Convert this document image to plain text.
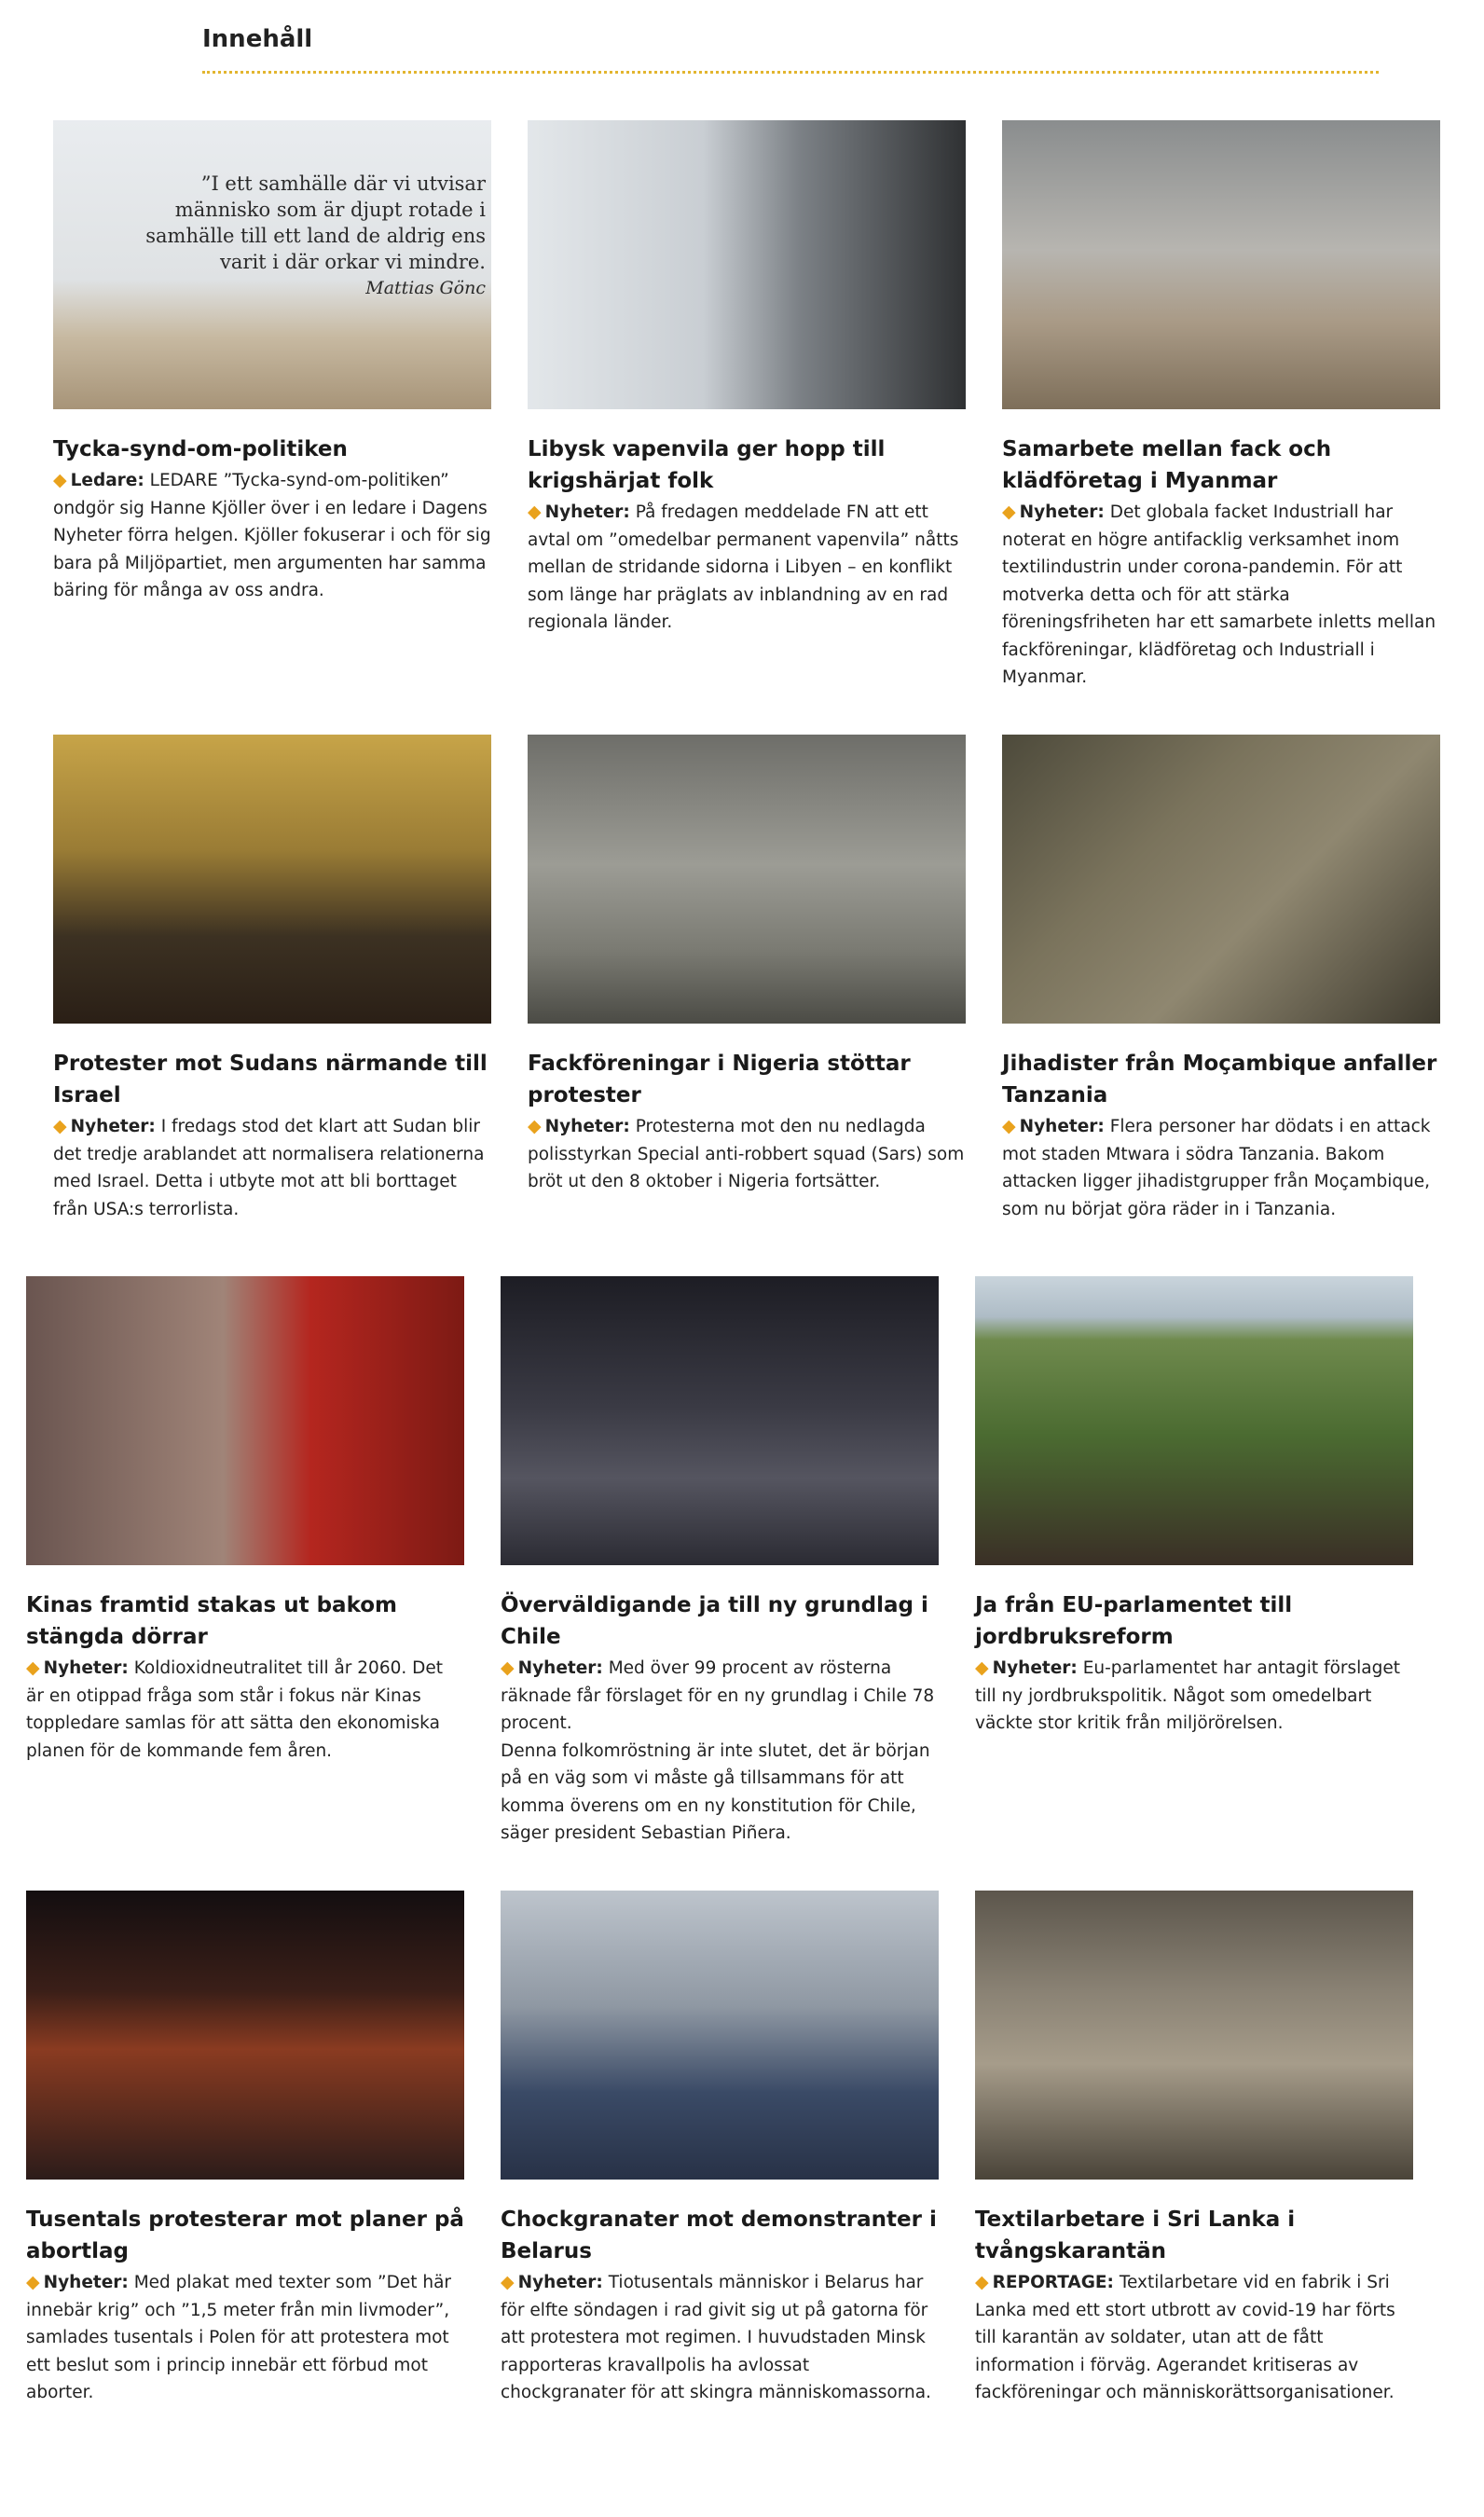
Innehåll
”I ett samhälle där vi utvisar människo som är djupt rotade i samhälle till ett land de aldrig ens varit i där orkar vi mindre.
Mattias Gönc
Tycka-synd-om-politiken

◆ Ledare: LEDARE ”Tycka-synd-om-politiken” ondgör sig Hanne Kjöller över i en ledare i Dagens Nyheter förra helgen. Kjöller fokuserar i och för sig bara på Miljöpartiet, men argumenten har samma bäring för många av oss andra.

Libysk vapenvila ger hopp till krigshärjat folk

◆ Nyheter: På fredagen meddelade FN att ett avtal om ”omedelbar permanent vapenvila” nåtts mellan de stridande sidorna i Libyen – en konflikt som länge har präglats av inblandning av en rad regionala länder.

Samarbete mellan fack och klädföretag i Myanmar

◆ Nyheter: Det globala facket Industriall har noterat en högre antifacklig verksamhet inom textilindustrin under corona-pandemin. För att motverka detta och för att stärka föreningsfriheten har ett samarbete inletts mellan fackföreningar, klädföretag och Industriall i Myanmar.

Protester mot Sudans närmande till Israel

◆ Nyheter: I fredags stod det klart att Sudan blir det tredje arablandet att normalisera relationerna med Israel. Detta i utbyte mot att bli borttaget från USA:s terrorlista.

Fackföreningar i Nigeria stöttar protester

◆ Nyheter: Protesterna mot den nu nedlagda polisstyrkan Special anti-robbert squad (Sars) som bröt ut den 8 oktober i Nigeria fortsätter.

Jihadister från Moçambique anfaller Tanzania

◆ Nyheter: Flera personer har dödats i en attack mot staden Mtwara i södra Tanzania. Bakom attacken ligger jihadistgrupper från Moçambique, som nu börjat göra räder in i Tanzania.

Kinas framtid stakas ut bakom stängda dörrar

◆ Nyheter: Koldioxidneutralitet till år 2060. Det är en otippad fråga som står i fokus när Kinas toppledare samlas för att sätta den ekonomiska planen för de kommande fem åren.

Överväldigande ja till ny grundlag i Chile

◆ Nyheter: Med över 99 procent av rösterna räknade får förslaget för en ny grundlag i Chile 78 procent.
Denna folkomröstning är inte slutet, det är början på en väg som vi måste gå tillsammans för att komma överens om en ny konstitution för Chile, säger president Sebastian Piñera.

Ja från EU-parlamentet till jordbruksreform

◆ Nyheter: Eu-parlamentet har antagit förslaget till ny jordbrukspolitik. Något som omedelbart väckte stor kritik från miljörörelsen.

Tusentals protesterar mot planer på abortlag

◆ Nyheter: Med plakat med texter som ”Det här innebär krig” och ”1,5 meter från min livmoder”, samlades tusentals i Polen för att protestera mot ett beslut som i princip innebär ett förbud mot aborter.

Chockgranater mot demonstranter i Belarus

◆ Nyheter: Tiotusentals människor i Belarus har för elfte söndagen i rad givit sig ut på gatorna för att protestera mot regimen. I huvudstaden Minsk rapporteras kravallpolis ha avlossat chockgranater för att skingra människomassorna.

Textilarbetare i Sri Lanka i tvångskarantän

◆ REPORTAGE: Textilarbetare vid en fabrik i Sri Lanka med ett stort utbrott av covid-19 har förts till karantän av soldater, utan att de fått information i förväg. Agerandet kritiseras av fackföreningar och människorättsorganisationer.
